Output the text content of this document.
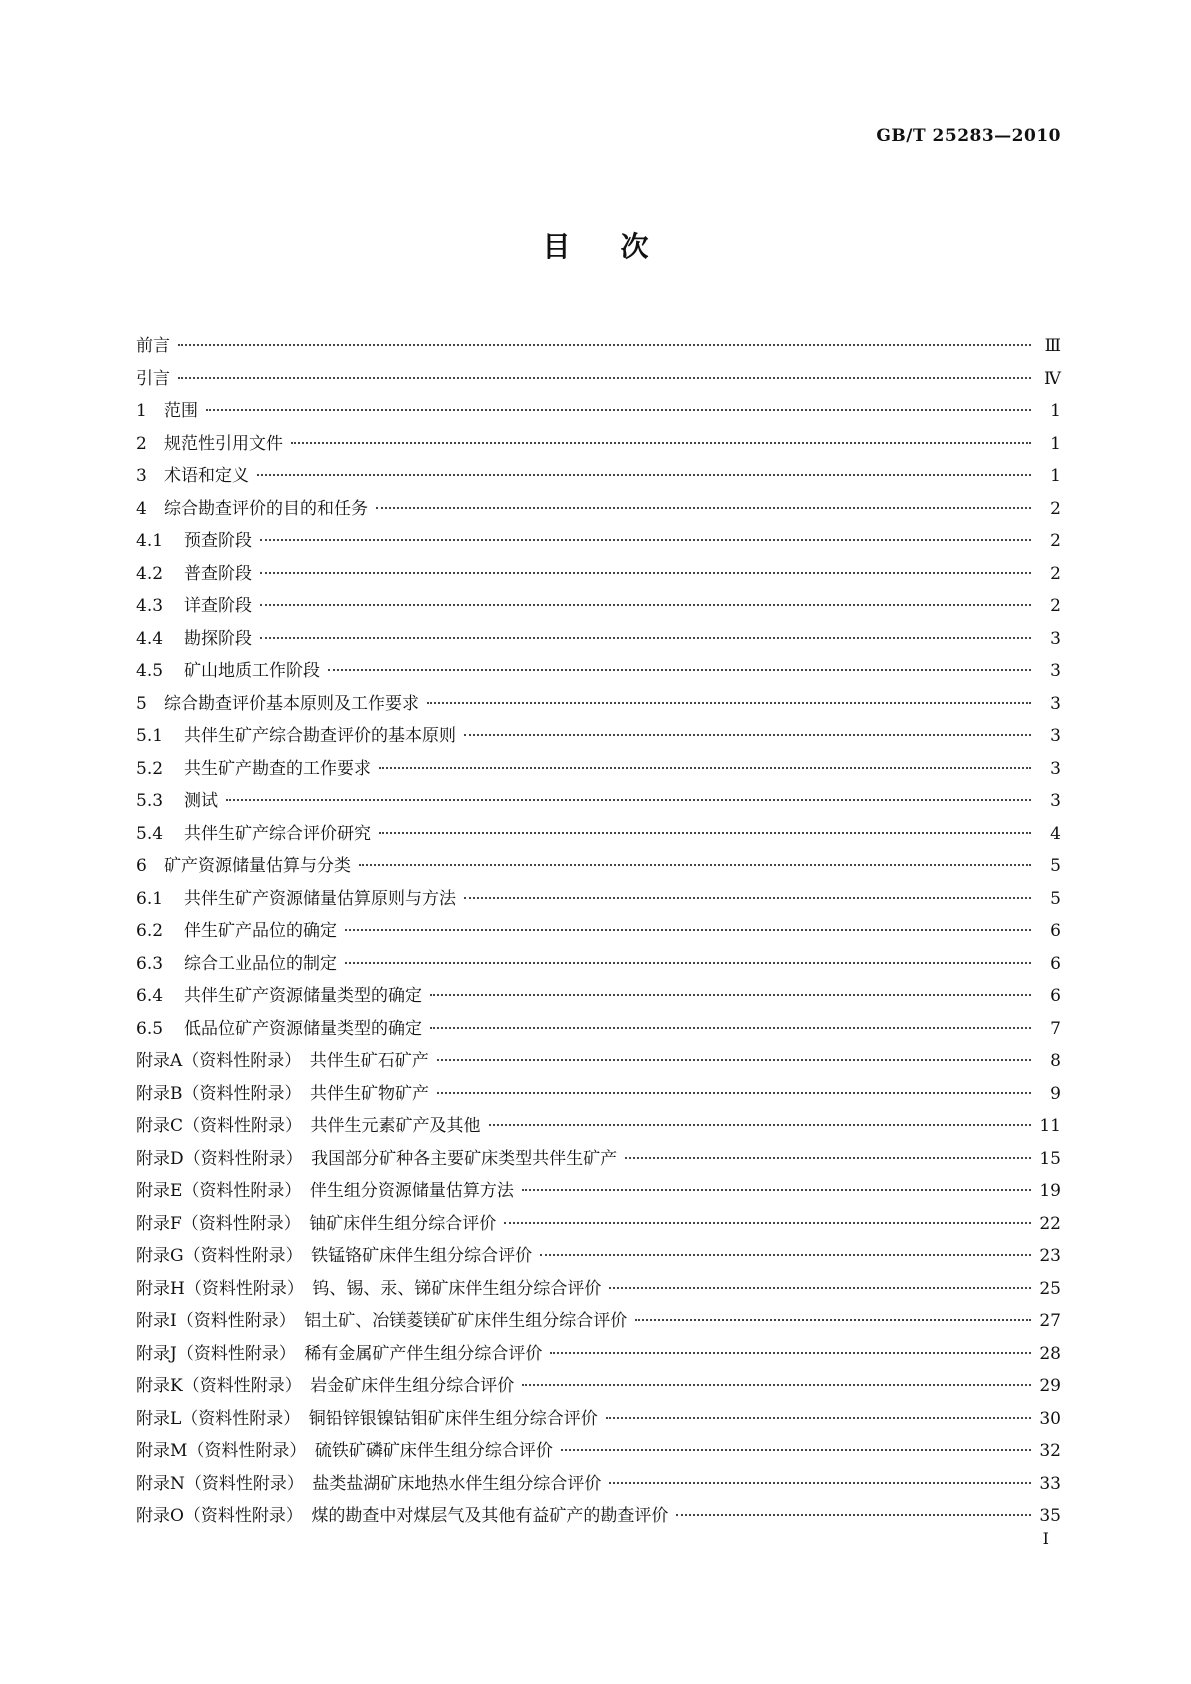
GB/T 25283—2010
目次
前言	Ⅲ
引言	Ⅳ
1	范围	1
2	规范性引用文件	1
3	术语和定义	1
4	综合勘查评价的目的和任务	2
4.1	预查阶段	2
4.2	普查阶段	2
4.3	详查阶段	2
4.4	勘探阶段	3
4.5	矿山地质工作阶段	3
5	综合勘查评价基本原则及工作要求	3
5.1	共伴生矿产综合勘查评价的基本原则	3
5.2	共生矿产勘查的工作要求	3
5.3	测试	3
5.4	共伴生矿产综合评价研究	4
6	矿产资源储量估算与分类	5
6.1	共伴生矿产资源储量估算原则与方法	5
6.2	伴生矿产品位的确定	6
6.3	综合工业品位的制定	6
6.4	共伴生矿产资源储量类型的确定	6
6.5	低品位矿产资源储量类型的确定	7
附录A（资料性附录）　共伴生矿石矿产	8
附录B（资料性附录）　共伴生矿物矿产	9
附录C（资料性附录）　共伴生元素矿产及其他	11
附录D（资料性附录）　我国部分矿种各主要矿床类型共伴生矿产	15
附录E（资料性附录）　伴生组分资源储量估算方法	19
附录F（资料性附录）　铀矿床伴生组分综合评价	22
附录G（资料性附录）　铁锰铬矿床伴生组分综合评价	23
附录H（资料性附录）　钨、锡、汞、锑矿床伴生组分综合评价	25
附录I（资料性附录）　铝土矿、冶镁菱镁矿矿床伴生组分综合评价	27
附录J（资料性附录）　稀有金属矿产伴生组分综合评价	28
附录K（资料性附录）　岩金矿床伴生组分综合评价	29
附录L（资料性附录）　铜铅锌银镍钴钼矿床伴生组分综合评价	30
附录M（资料性附录）　硫铁矿磷矿床伴生组分综合评价	32
附录N（资料性附录）　盐类盐湖矿床地热水伴生组分综合评价	33
附录O（资料性附录）　煤的勘查中对煤层气及其他有益矿产的勘查评价	35
I
